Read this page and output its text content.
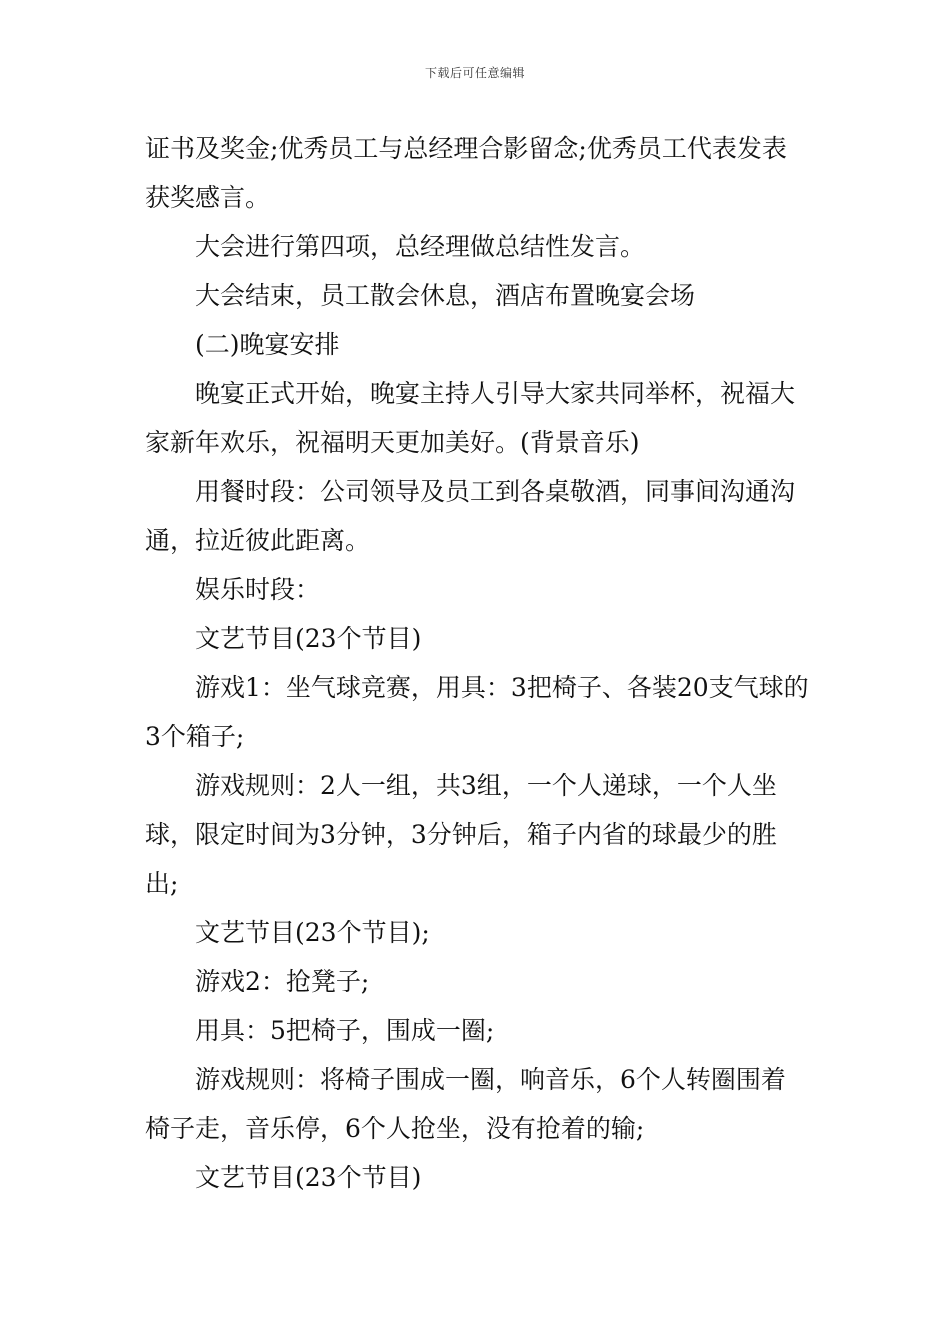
下载后可任意编辑

证书及奖金;优秀员工与总经理合影留念;优秀员工代表发表获奖感言。

大会进行第四项，总经理做总结性发言。

大会结束，员工散会休息，酒店布置晚宴会场

(二)晚宴安排

晚宴正式开始，晚宴主持人引导大家共同举杯，祝福大家新年欢乐，祝福明天更加美好。(背景音乐)

用餐时段：公司领导及员工到各桌敬酒，同事间沟通沟通，拉近彼此距离。

娱乐时段：

文艺节目(23个节目)

游戏1：坐气球竞赛，用具：3把椅子、各装20支气球的3个箱子;

游戏规则：2人一组，共3组，一个人递球，一个人坐球，限定时间为3分钟，3分钟后，箱子内省的球最少的胜出;

文艺节目(23个节目);

游戏2：抢凳子;

用具：5把椅子，围成一圈;

游戏规则：将椅子围成一圈，响音乐，6个人转圈围着椅子走，音乐停，6个人抢坐，没有抢着的输;

文艺节目(23个节目)
